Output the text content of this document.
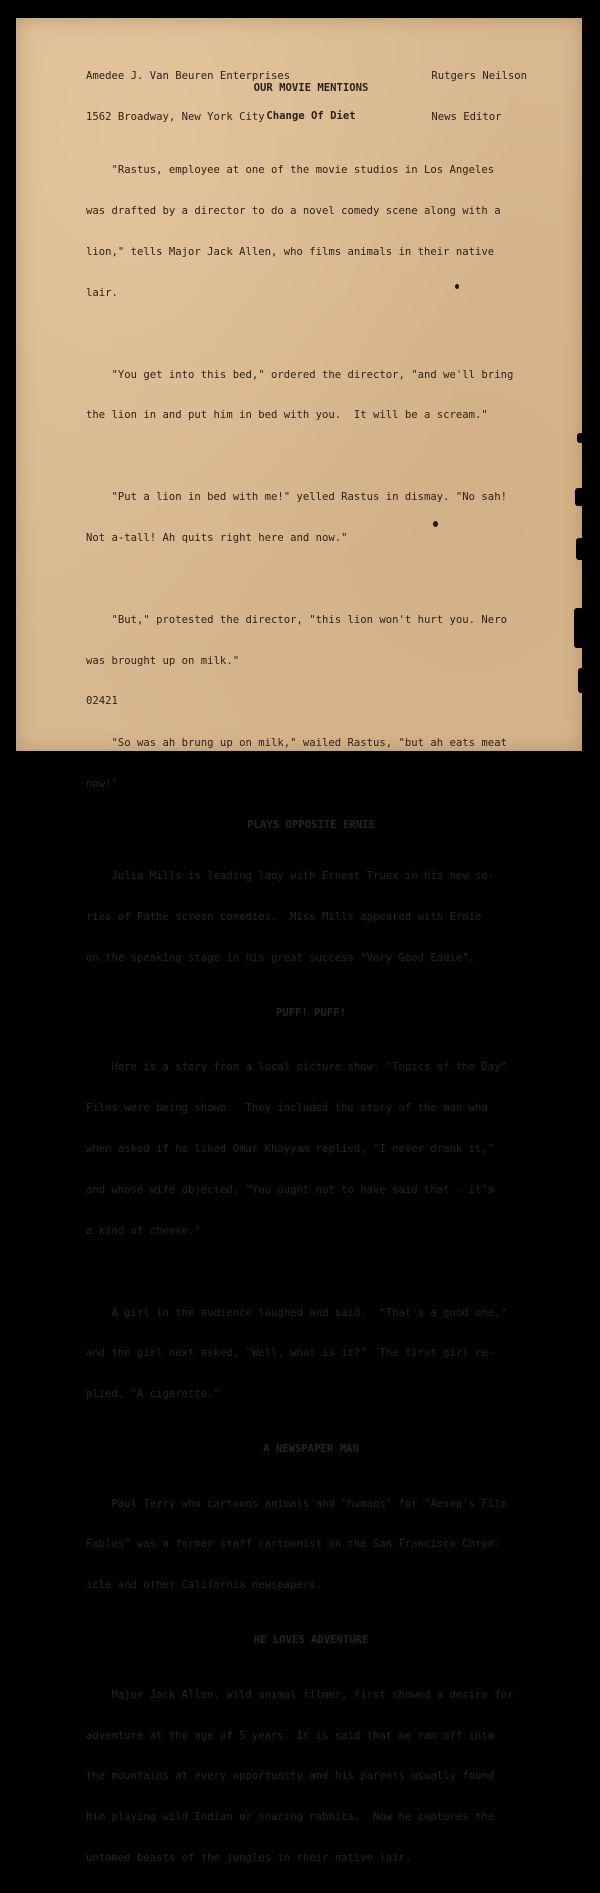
Amedee J. Van Beuren Enterprises

1562 Broadway, New York City

Rutgers Neilson

News Editor

OUR MOVIE MENTIONS
Change Of Diet

"Rastus, employee at one of the movie studios in Los Angeles

was drafted by a director to do a novel comedy scene along with a

lion," tells Major Jack Allen, who films animals in their native

lair.

"You get into this bed," ordered the director, "and we'll bring

the lion in and put him in bed with you.  It will be a scream."

"Put a lion in bed with me!" yelled Rastus in dismay. "No sah!

Not a-tall! Ah quits right here and now."

"But," protested the director, "this lion won't hurt you. Nero

was brought up on milk."

"So was ah brung up on milk," wailed Rastus, "but ah eats meat

now!"

PLAYS OPPOSITE ERNIE

Julia Mills is leading lady with Ernest Truex in his new se-

ries of Pathe screen comedies.  Miss Mills appeared with Ernie

on the speaking stage in his great success "Very Good Eddie".

PUFF! PUFF!

Here is a story from a local picture show: "Topics of the Day"

Films were being shown.  They included the story of the man who

when asked if he liked Omar Khayyam replied, "I never drank it,"

and whose wife objected: "You ought not to have said that - it's

a kind of cheese."

A girl in the audience laughed and said.  "That's a good one,"

and the girl next asked, "Well, what is it?"  The first girl re-

plied, "A cigarette."

A NEWSPAPER MAN

Paul Terry who cartoons animals and "humans" for "Aesop's Film

Fables" was a former staff cartoonist on the San Francisco Chron-

icle and other California newspapers.

HE LOVES ADVENTURE

Major Jack Allen, wild animal filmer, first showed a desire for

adventure at the age of 5 years. It is said that he ran off into

the mountains at every opportunity and his parents usually found

him playing wild Indian or snaring rabbits.  Now he captures the

untamed beasts of the jungles in their native lair.

02421
